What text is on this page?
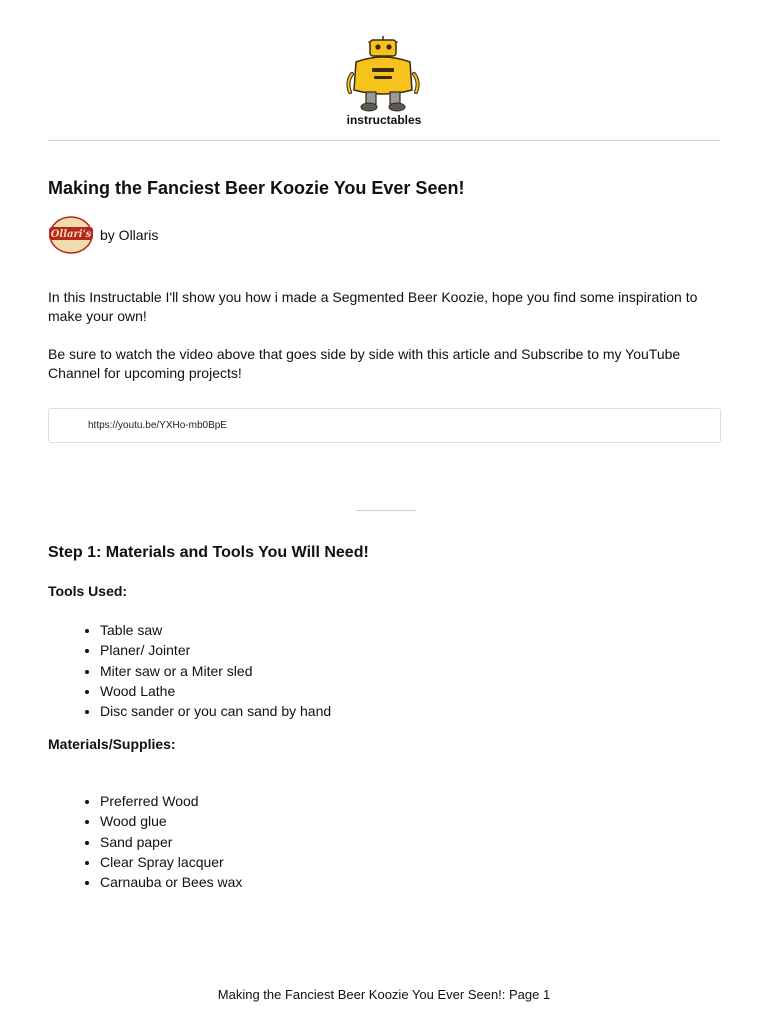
instructables
Making the Fanciest Beer Koozie You Ever Seen!
Ollari's by Ollaris

In this Instructable I'll show you how i made a Segmented Beer Koozie, hope you find some inspiration to make your own!

Be sure to watch the video above that goes side by side with this article and Subscribe to my YouTube Channel for upcoming projects!

https://youtu.be/YXHo-mb0BpE
Step 1: Materials and Tools You Will Need!
Tools Used:
• Table saw
• Planer/ Jointer
• Miter saw or a Miter sled
• Wood Lathe
• Disc sander or you can sand by hand
Materials/Supplies:
• Preferred Wood
• Wood glue
• Sand paper
• Clear Spray lacquer
• Carnauba or Bees wax
Making the Fanciest Beer Koozie You Ever Seen!: Page 1
